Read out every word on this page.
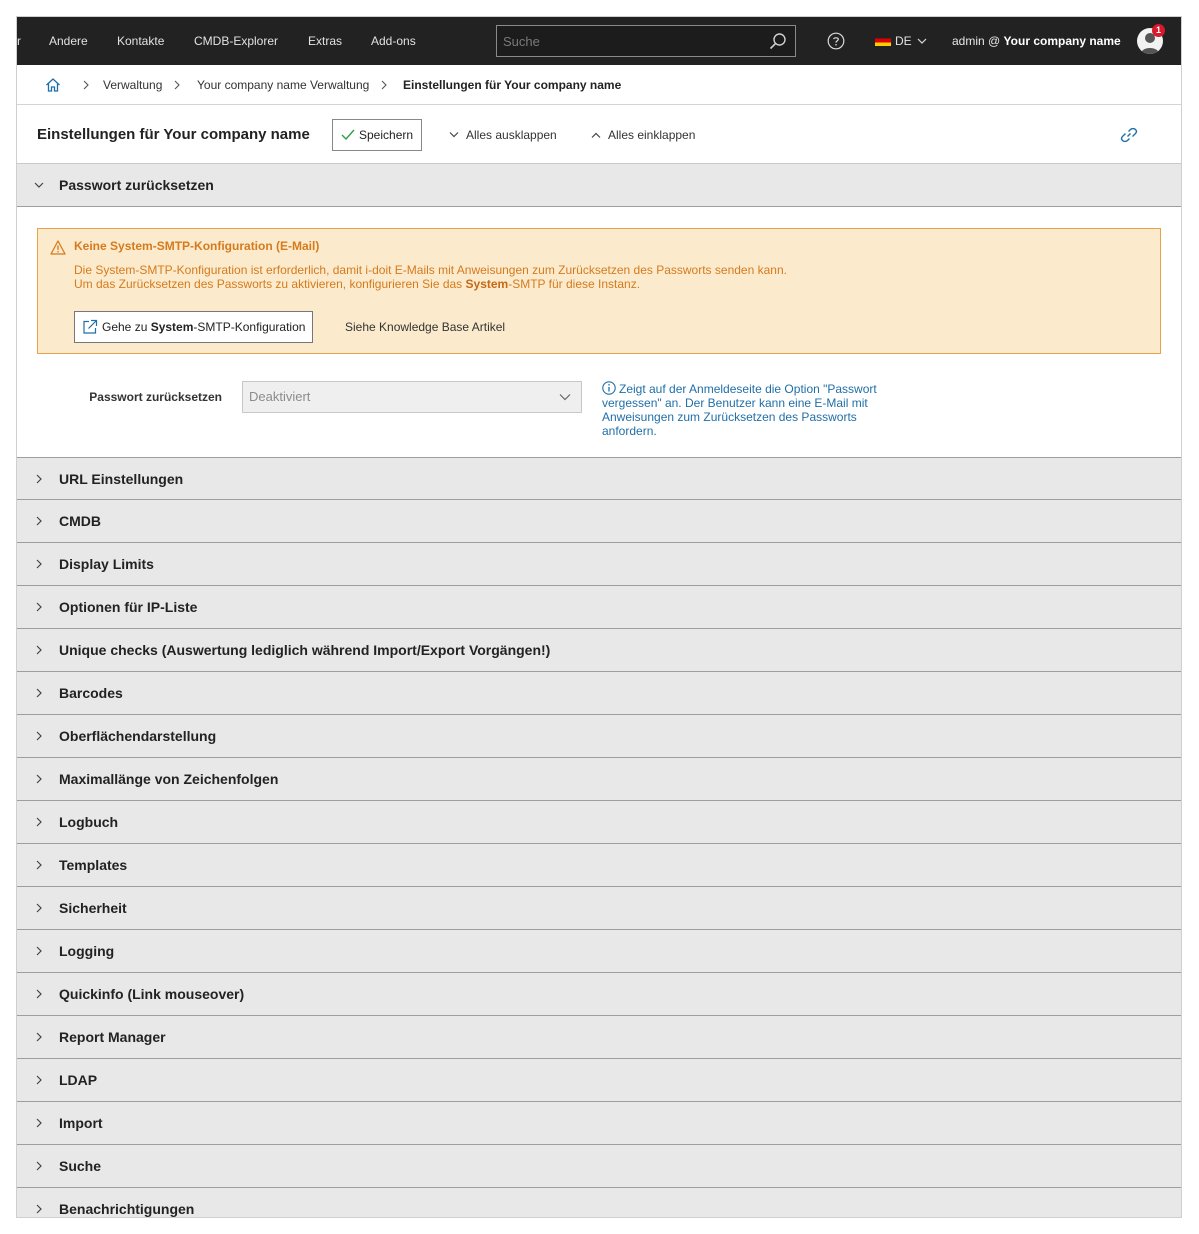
r Andere Kontakte CMDB-Explorer Extras Add-ons
Suche	DE	admin @ Your company name
1
Verwaltung	Your company name Verwaltung	Einstellungen für Your company name
Einstellungen für Your company name	Speichern	Alles ausklappen	Alles einklappen
Passwort zurücksetzen
Keine System-SMTP-Konfiguration (E-Mail)
Die System-SMTP-Konfiguration ist erforderlich, damit i-doit E-Mails mit Anweisungen zum Zurücksetzen des Passworts senden kann.
Um das Zurücksetzen des Passworts zu aktivieren, konfigurieren Sie das System-SMTP für diese Instanz.
Gehe zu System-SMTP-Konfiguration	Siehe Knowledge Base Artikel
Passwort zurücksetzen Deaktiviert	Zeigt auf der Anmeldeseite die Option "Passwort vergessen" an. Der Benutzer kann eine E-Mail mit Anweisungen zum Zurücksetzen des Passworts anfordern.
URL Einstellungen
CMDB
Display Limits
Optionen für IP-Liste
Unique checks (Auswertung lediglich während Import/Export Vorgängen!)
Barcodes
Oberflächendarstellung
Maximallänge von Zeichenfolgen
Logbuch
Templates
Sicherheit
Logging
Quickinfo (Link mouseover)
Report Manager
LDAP
Import
Suche
Benachrichtigungen
